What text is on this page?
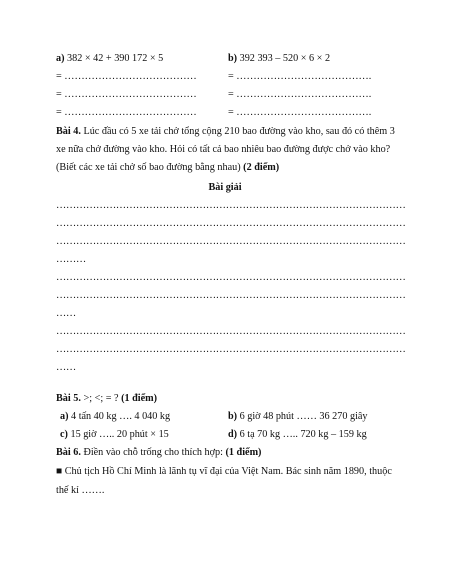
a) 382 × 42 + 390 172 × 5	b) 392 393 – 520 × 6 × 2
= …………………………………	= ………………………………….
= …………………………………	= ………………………………….
= …………………………………	= ………………………………….
Bài 4. Lúc đầu có 5 xe tải chở tổng cộng 210 bao đường vào kho, sau đó có thêm 3
xe nữa chở đường vào kho. Hỏi có tất cả bao nhiêu bao đường được chở vào kho?
(Biết các xe tải chở số bao đường bằng nhau) (2 điểm)
Bài giải
……………………………………………………………………………………………
……………………………………………………………………………………………
……………………………………………………………………………………………
………
……………………………………………………………………………………………
……………………………………………………………………………………………
……
……………………………………………………………………………………………
……………………………………………………………………………………………
……
Bài 5. >; <; = ? (1 điểm)
a) 4 tấn 40 kg …. 4 040 kg	b) 6 giờ 48 phút …… 36 270 giây
c) 15 giờ ….. 20 phút × 15	d) 6 tạ 70 kg ….. 720 kg – 159 kg
Bài 6. Điền vào chỗ trống cho thích hợp: (1 điểm)
■ Chủ tịch Hồ Chí Minh là lãnh tụ vĩ đại của Việt Nam. Bác sinh năm 1890, thuộc
thế kỉ …….
